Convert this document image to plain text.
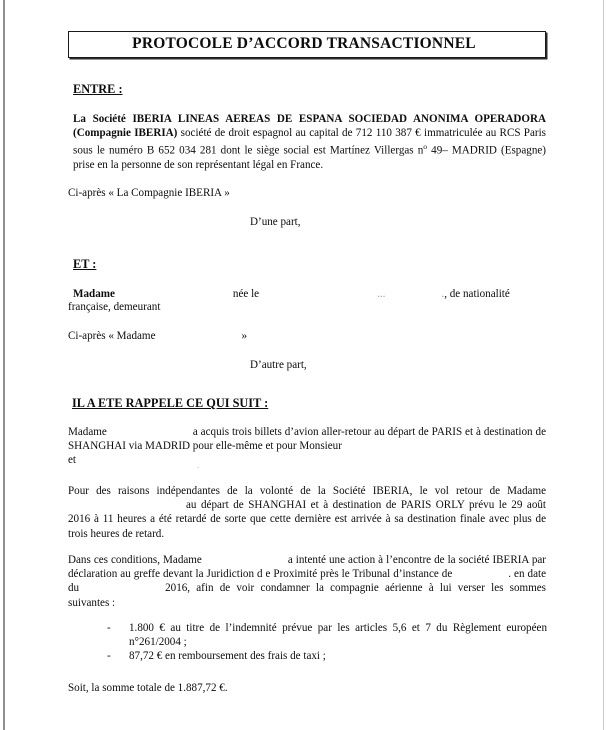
PROTOCOLE D’ACCORD TRANSACTIONNEL
ENTRE :
La Société IBERIA LINEAS AEREAS DE ESPANA SOCIEDAD ANONIMA OPERADORA (Compagnie IBERIA) société de droit espagnol au capital de 712 110 387 € immatriculée au RCS Paris sous le numéro B 652 034 281 dont le siège social est Martínez Villergas $n^o$ 49– MADRID (Espagne) prise en la personne de son représentant légal en France.
Ci-après « La Compagnie IBERIA »
D’une part,
ET :
Madame	née le	...	., de nationalité
française, demeurant
Ci-après « Madame	»
D’autre part,
IL A ETE RAPPELE CE QUI SUIT :
Madame	a acquis trois billets d’avion aller-retour au départ de PARIS et à destination de SHANGHAI via MADRID pour elle-même et pour Monsieur
et	.
Pour des raisons indépendantes de la volonté de la Société IBERIA, le vol retour de Madameau départ de SHANGHAI et à destination de PARIS ORLY prévu le 29 août 2016 à 11 heures a été retardé de sorte que cette dernière est arrivée à sa destination finale avec plus de trois heures de retard.
Dans ces conditions, Madame	a intenté une action à l’encontre de la société IBERIA par déclaration au greffe devant la Juridiction d e Proximité près le Tribunal d’instance de	. en date du	2016, afin de voir condamner la compagnie aérienne à lui verser les sommes suivantes :
-	1.800 € au titre de l’indemnité prévue par les articles 5,6 et 7 du Règlement européen n°261/2004 ;
-	87,72 € en remboursement des frais de taxi ;
Soit, la somme totale de 1.887,72 €.
